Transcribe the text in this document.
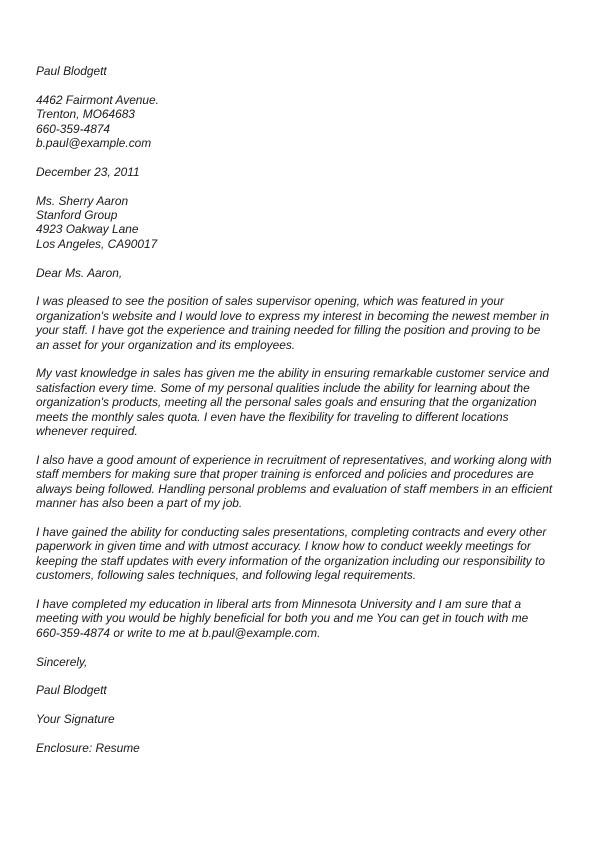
Paul Blodgett
4462 Fairmont Avenue.
Trenton, MO64683
660-359-4874
b.paul@example.com
December 23, 2011
Ms. Sherry Aaron
Stanford Group
4923 Oakway Lane
Los Angeles, CA90017
Dear Ms. Aaron,
I was pleased to see the position of sales supervisor opening, which was featured in your
organization's website and I would love to express my interest in becoming the newest member in
your staff. I have got the experience and training needed for filling the position and proving to be
an asset for your organization and its employees.
My vast knowledge in sales has given me the ability in ensuring remarkable customer service and
satisfaction every time. Some of my personal qualities include the ability for learning about the
organization's products, meeting all the personal sales goals and ensuring that the organization
meets the monthly sales quota. I even have the flexibility for traveling to different locations
whenever required.
I also have a good amount of experience in recruitment of representatives, and working along with
staff members for making sure that proper training is enforced and policies and procedures are
always being followed. Handling personal problems and evaluation of staff members in an efficient
manner has also been a part of my job.
I have gained the ability for conducting sales presentations, completing contracts and every other
paperwork in given time and with utmost accuracy. I know how to conduct weekly meetings for
keeping the staff updates with every information of the organization including our responsibility to
customers, following sales techniques, and following legal requirements.
I have completed my education in liberal arts from Minnesota University and I am sure that a
meeting with you would be highly beneficial for both you and me You can get in touch with me
660-359-4874 or write to me at b.paul@example.com.
Sincerely,
Paul Blodgett
Your Signature
Enclosure: Resume
